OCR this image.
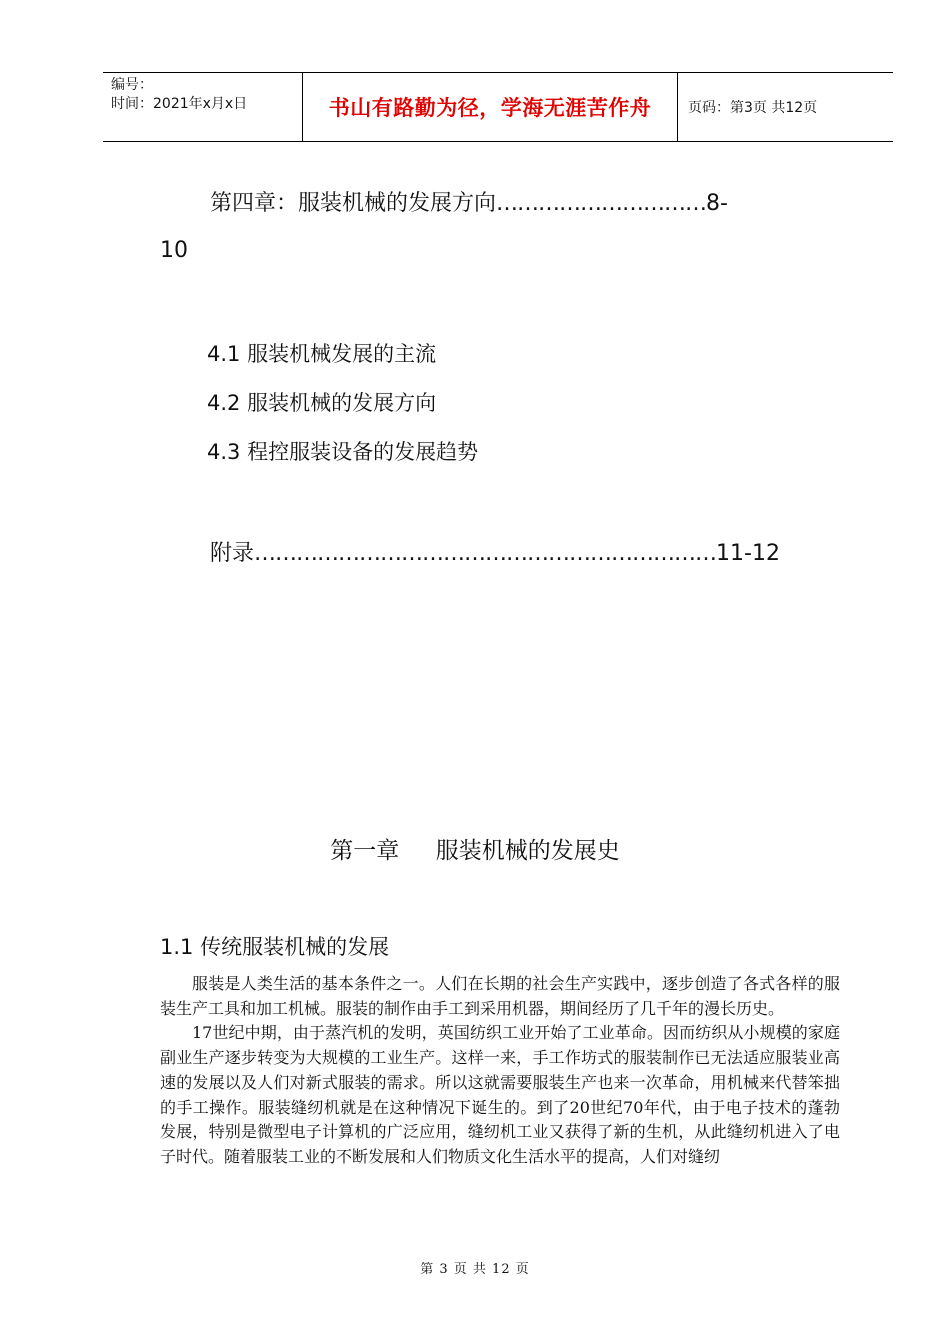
编号：
时间：2021年x月x日	书山有路勤为径，学海无涯苦作舟	页码：第3页 共12页
第四章：服装机械的发展方向…………………………8-
10
4.1 服装机械发展的主流
4.2 服装机械的发展方向
4.3 程控服装设备的发展趋势
附录…………………………………………………………11-12
第一章     服装机械的发展史
1.1 传统服装机械的发展

服装是人类生活的基本条件之一。人们在长期的社会生产实践中，逐步创造了各式各样的服装生产工具和加工机械。服装的制作由手工到采用机器，期间经历了几千年的漫长历史。

17世纪中期，由于蒸汽机的发明，英国纺织工业开始了工业革命。因而纺织从小规模的家庭副业生产逐步转变为大规模的工业生产。这样一来，手工作坊式的服装制作已无法适应服装业高速的发展以及人们对新式服装的需求。所以这就需要服装生产也来一次革命，用机械来代替笨拙的手工操作。服装缝纫机就是在这种情况下诞生的。到了20世纪70年代，由于电子技术的蓬勃发展，特别是微型电子计算机的广泛应用，缝纫机工业又获得了新的生机，从此缝纫机进入了电子时代。随着服装工业的不断发展和人们物质文化生活水平的提高，人们对缝纫

第 3 页 共 12 页
